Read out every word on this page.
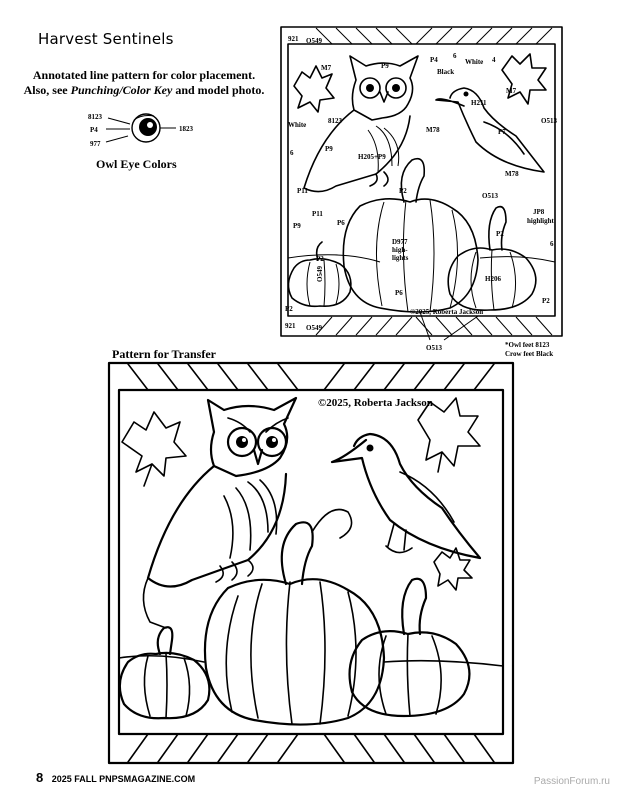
Harvest Sentinels
Annotated line pattern for color placement.
Also, see Punching/Color Key and model photo.
8123
P4
977
1823
Owl Eye Colors
921 O549
M7	P9
P4 6
Black
White 4
H211
M7
O513
White	8123
M78	P7
6	P9
H205+P9
M78
P11	P2
O513
P11
P9	P6
JP8
highlight
P2
6
D977
high-
lights
P2
O549	H206
P6
P2
P2
©2025, Roberta Jackson
921 O549
O513	*Owl feet 8123
Crow feet Black
Pattern for Transfer
©2025, Roberta Jackson
8 2025 FALL PNPSMAGAZINE.COM	PassionForum.ru
